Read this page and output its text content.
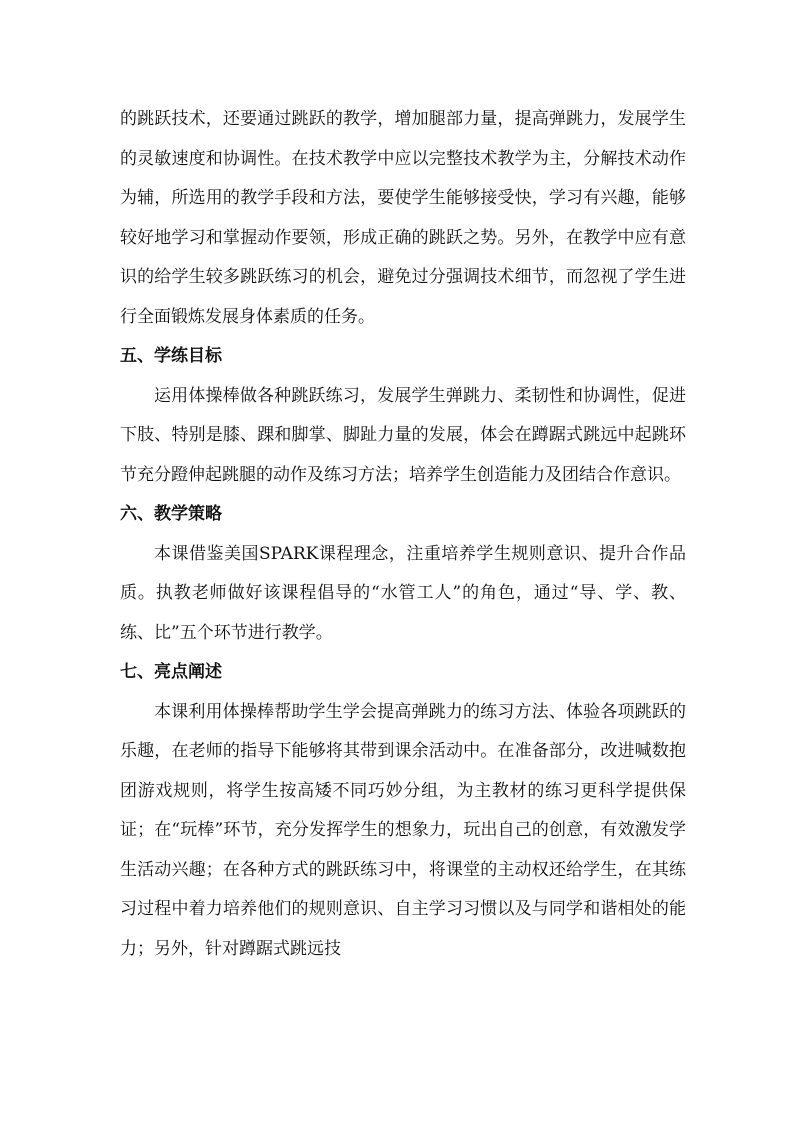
的跳跃技术，还要通过跳跃的教学，增加腿部力量，提高弹跳力，发展学生的灵敏速度和协调性。在技术教学中应以完整技术教学为主，分解技术动作为辅，所选用的教学手段和方法，要使学生能够接受快，学习有兴趣，能够较好地学习和掌握动作要领，形成正确的跳跃之势。另外，在教学中应有意识的给学生较多跳跃练习的机会，避免过分强调技术细节，而忽视了学生进行全面锻炼发展身体素质的任务。

五、学练目标

运用体操棒做各种跳跃练习，发展学生弹跳力、柔韧性和协调性，促进下肢、特别是膝、踝和脚掌、脚趾力量的发展，体会在蹲踞式跳远中起跳环节充分蹬伸起跳腿的动作及练习方法；培养学生创造能力及团结合作意识。

六、教学策略

本课借鉴美国SPARK课程理念，注重培养学生规则意识、提升合作品质。执教老师做好该课程倡导的“水管工人”的角色，通过“导、学、教、练、比”五个环节进行教学。

七、亮点阐述

本课利用体操棒帮助学生学会提高弹跳力的练习方法、体验各项跳跃的乐趣，在老师的指导下能够将其带到课余活动中。在准备部分，改进喊数抱团游戏规则，将学生按高矮不同巧妙分组，为主教材的练习更科学提供保证；在“玩棒”环节，充分发挥学生的想象力，玩出自己的创意，有效激发学生活动兴趣；在各种方式的跳跃练习中，将课堂的主动权还给学生，在其练习过程中着力培养他们的规则意识、自主学习习惯以及与同学和谐相处的能力；另外，针对蹲踞式跳远技
